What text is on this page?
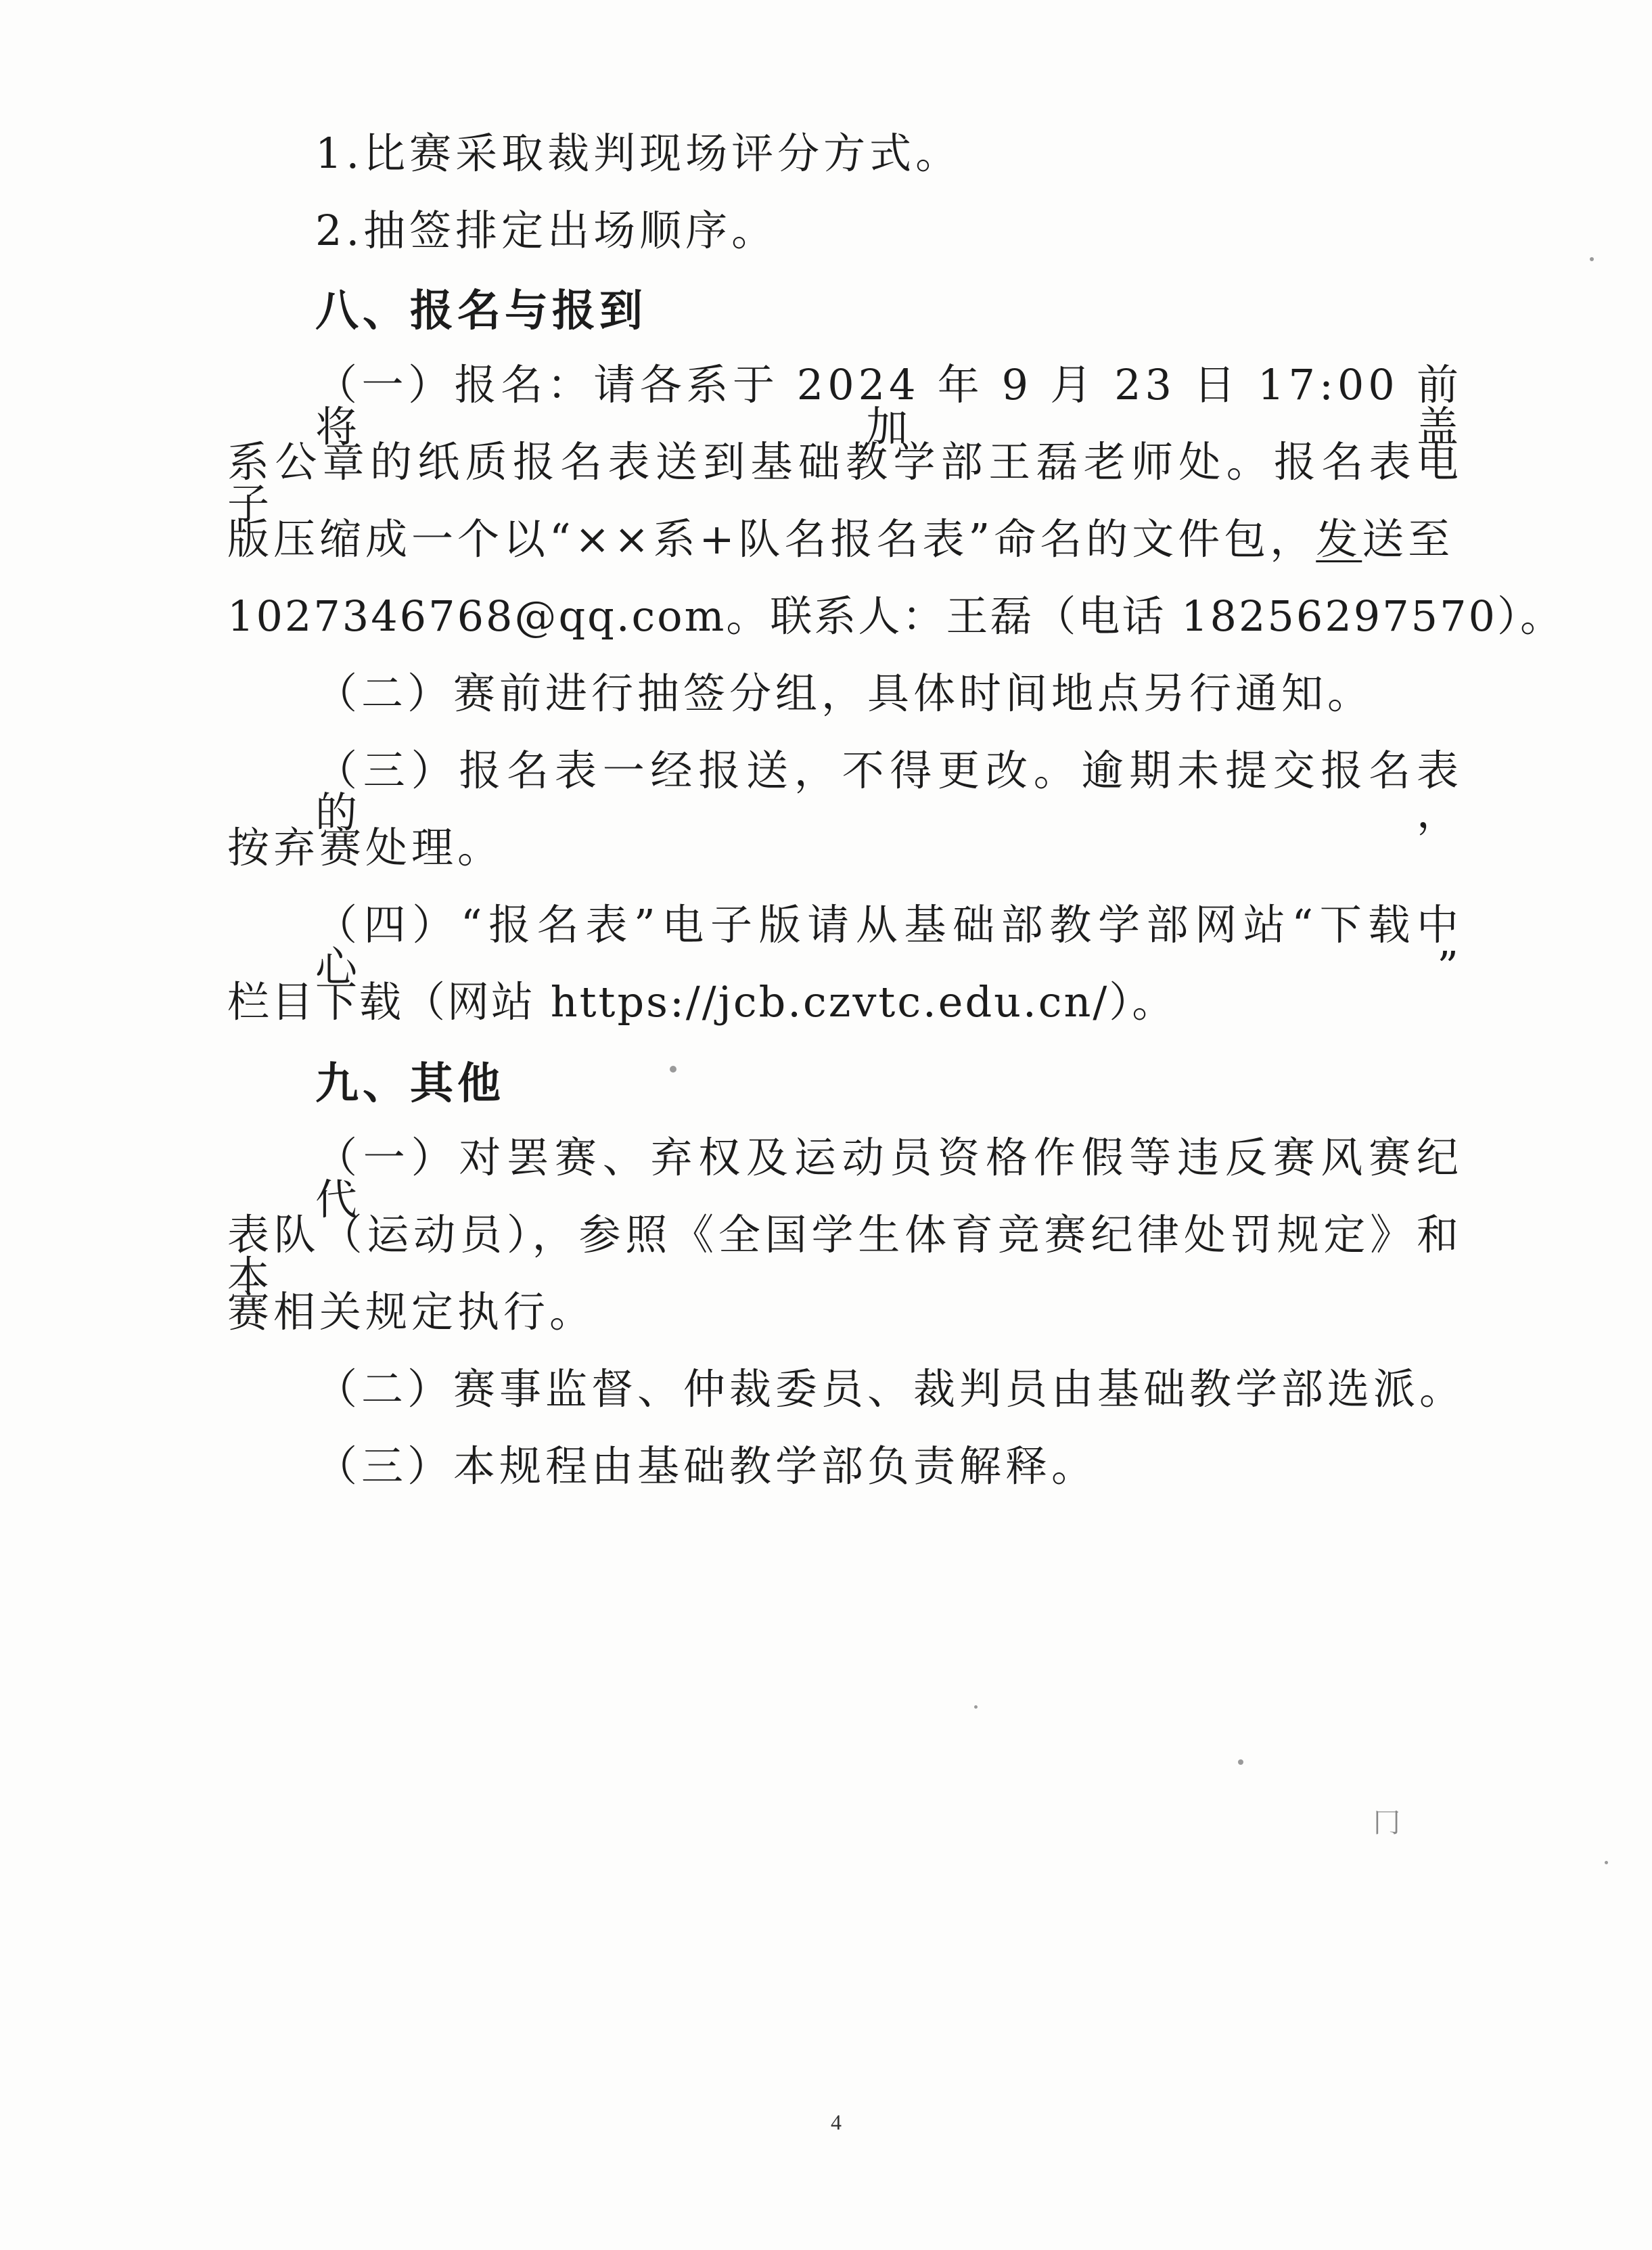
1.比赛采取裁判现场评分方式。
2.抽签排定出场顺序。
八、报名与报到
（一）报名：请各系于 2024 年 9 月 23 日 17:00 前将加盖
系公章的纸质报名表送到基础教学部王磊老师处。报名表电子
版压缩成一个以“××系+队名报名表”命名的文件包，发送至
1027346768@qq.com。联系人：王磊（电话 18256297570）。
（二）赛前进行抽签分组，具体时间地点另行通知。
（三）报名表一经报送，不得更改。逾期未提交报名表的，
按弃赛处理。
（四）“报名表”电子版请从基础部教学部网站“下载中心”
栏目下载（网站 https://jcb.czvtc.edu.cn/）。
九、其他
（一）对罢赛、弃权及运动员资格作假等违反赛风赛纪代
表队（运动员），参照《全国学生体育竞赛纪律处罚规定》和本
赛相关规定执行。
（二）赛事监督、仲裁委员、裁判员由基础教学部选派。
（三）本规程由基础教学部负责解释。
冂
4
